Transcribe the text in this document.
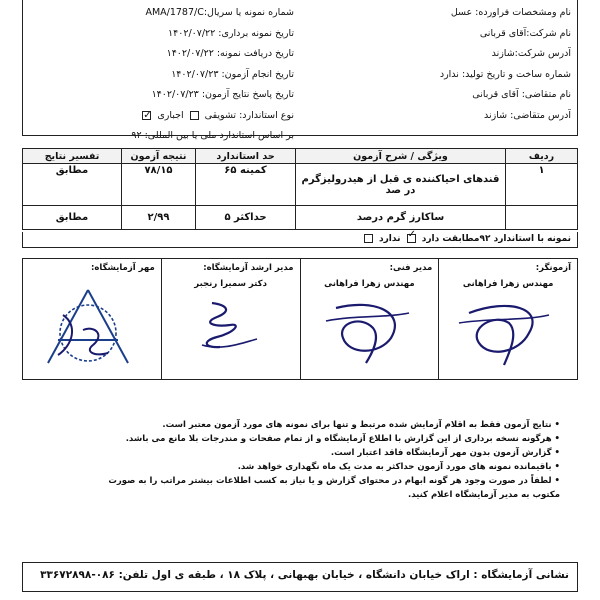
نام ومشخصات فراورده: عسل
نام شرکت:آقای قربانی
آدرس شرکت:شازند
شماره ساخت و تاریخ تولید: ندارد
نام متقاضی: آقای قربانی
آدرس متقاضی: شازند
شماره نمونه یا سریال:AMA/1787/C
تاریخ نمونه برداری: ۱۴۰۲/۰۷/۲۲
تاریخ دریافت نمونه: ۱۴۰۲/۰۷/۲۲
تاریخ انجام آزمون: ۱۴۰۲/۰۷/۲۳
تاریخ پاسخ نتایج آزمون: ۱۴۰۲/۰۷/۲۳
نوع استاندارد: تشویقی  اجباری ✓
بر اساس استاندارد ملی یا بین المللی: ۹۲
ردیف	ویژگی / شرح آزمون	حد استاندارد	نتیجه آزمون	تفسیر نتایج
۱	قندهای احیاکننده ی قبل از هیدرولیزگرم در صد	کمینه ۶۵	۷۸/۱۵	مطابق
	ساکارز گرم درصد	حداکثر ۵	۲/۹۹	مطابق
نمونه با استاندارد ۹۲مطابقت دارد ✓ ندارد
آزمونگر:
مهندس زهرا فراهانی
مدیر فنی:
مهندس زهرا فراهانی
مدیر ارشد آزمایشگاه:
دکتر سمیرا رنجبر
مهر آزمایشگاه:
• نتایج آزمون فقط به اقلام آزمایش شده مرتبط و تنها برای نمونه های مورد آزمون معتبر است.
• هرگونه نسخه برداری از این گزارش با اطلاع آزمایشگاه و از تمام صفحات و مندرجات بلا مانع می باشد.
• گزارش آزمون بدون مهر آزمایشگاه فاقد اعتبار است.
• باقیمانده نمونه های مورد آزمون حداکثر به مدت یک ماه نگهداری خواهد شد.
• لطفاً در صورت وجود هر گونه ابهام در محتوای گزارش و یا نیاز به کسب اطلاعات بیشتر مراتب را به صورت مکتوب به مدیر آزمایشگاه اعلام کنید.
نشانی آزمایشگاه : اراک خیابان دانشگاه ، خیابان بهبهانی ، پلاک ۱۸ ، طبقه ی اول تلفن: ۰۸۶-۳۳۶۷۲۸۹۸
